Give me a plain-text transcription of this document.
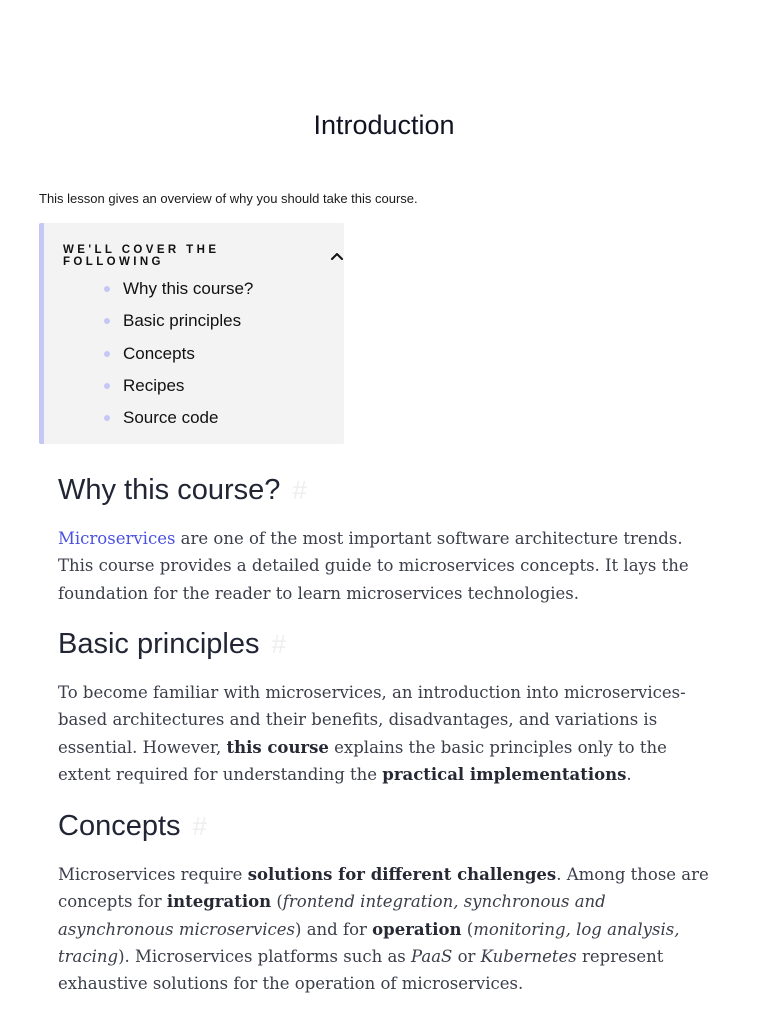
Introduction

This lesson gives an overview of why you should take this course.

WE'LL COVER THE FOLLOWING
Why this course?
Basic principles
Concepts
Recipes
Source code
Why this course? #

Microservices are one of the most important software architecture trends. This course provides a detailed guide to microservices concepts. It lays the foundation for the reader to learn microservices technologies.

Basic principles #

To become familiar with microservices, an introduction into microservices-based architectures and their benefits, disadvantages, and variations is essential. However, this course explains the basic principles only to the extent required for understanding the practical implementations.

Concepts #

Microservices require solutions for different challenges. Among those are concepts for integration (frontend integration, synchronous and asynchronous microservices) and for operation (monitoring, log analysis, tracing). Microservices platforms such as PaaS or Kubernetes represent exhaustive solutions for the operation of microservices.
